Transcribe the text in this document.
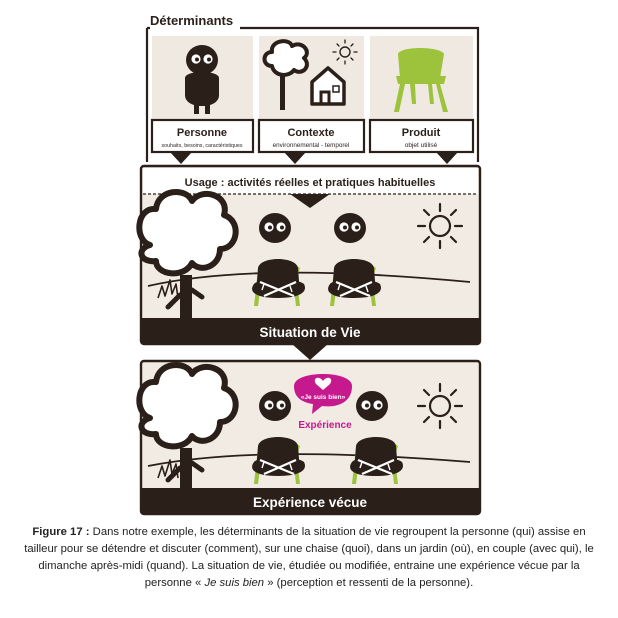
Déterminants
Personne
souhaits, besoins, caractéristiques
Contexte
environnemental - temporel
Produit
objet utilisé
Usage : activités réelles et pratiques habituelles
Situation de Vie
«Je suis bien»
Expérience
Expérience vécue
Figure 17 : Dans notre exemple, les déterminants de la situation de vie regroupent la personne (qui) assise en tailleur pour se détendre et discuter (comment), sur une chaise (quoi), dans un jardin (où), en couple (avec qui), le dimanche après-midi (quand). La situation de vie, étudiée ou modifiée, entraine une expérience vécue par la personne « Je suis bien » (perception et ressenti de la personne).
